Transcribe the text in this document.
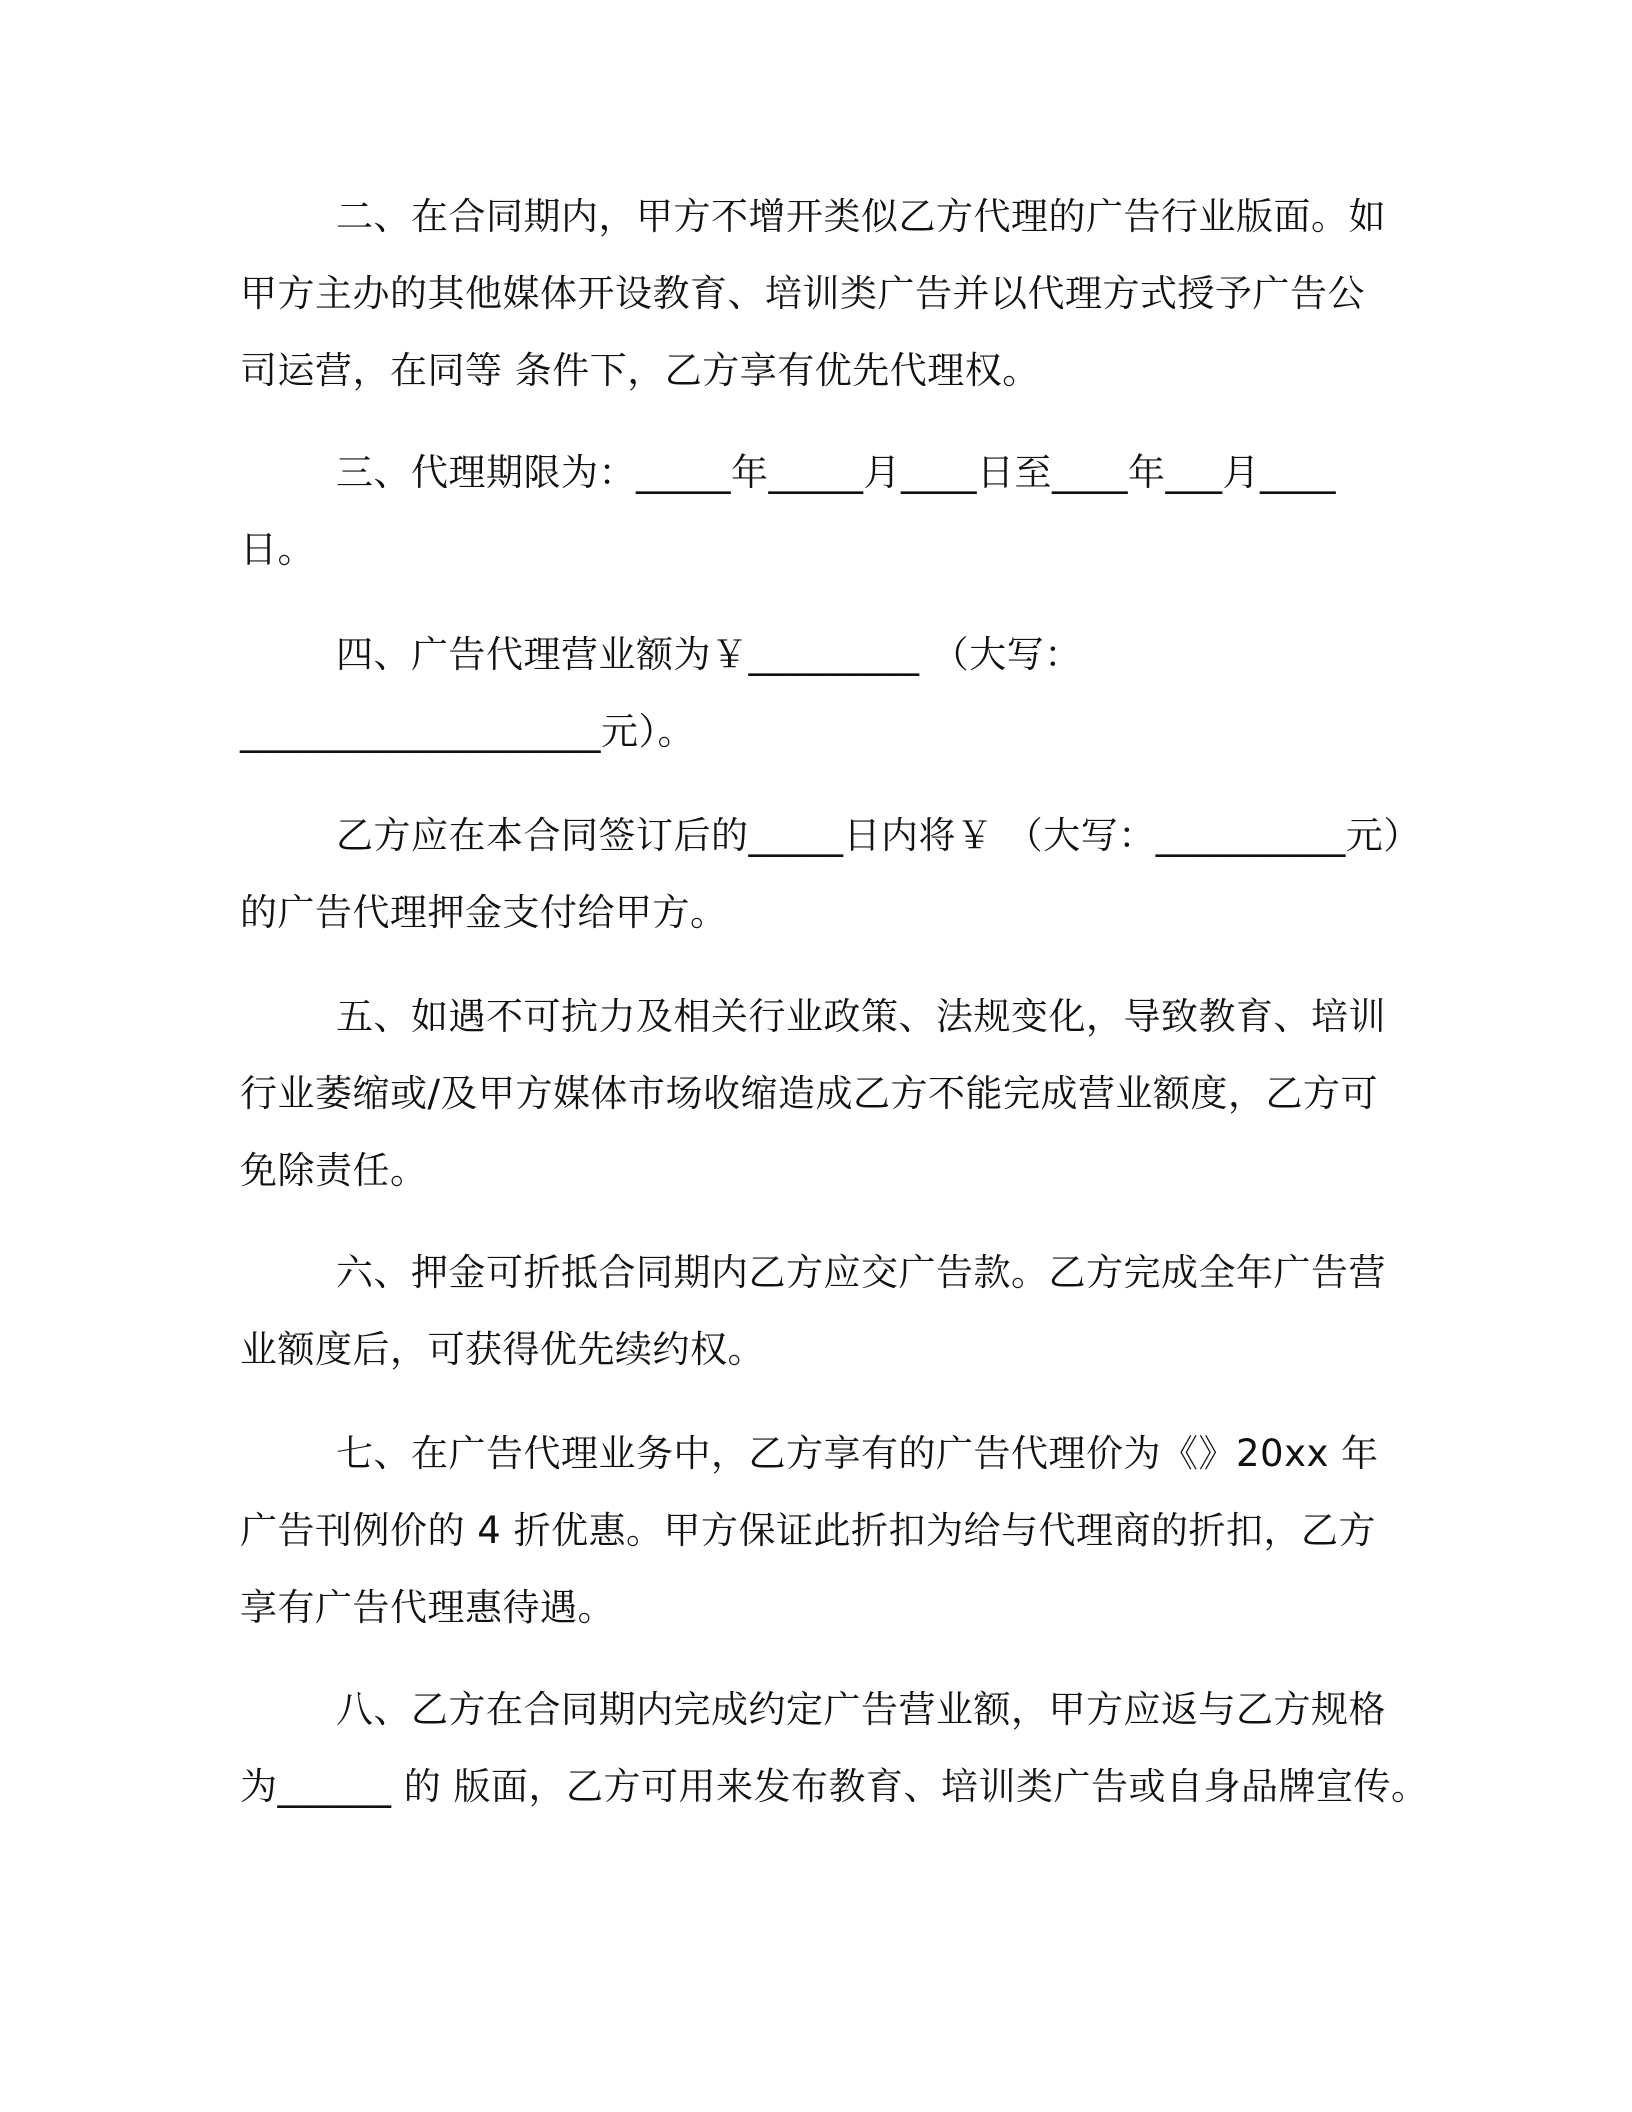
二、在合同期内，甲方不增开类似乙方代理的广告行业版面。如
甲方主办的其他媒体开设教育、培训类广告并以代理方式授予广告公
司运营，在同等 条件下，乙方享有优先代理权。

三、代理期限为：_____年_____月____日至____年___月____
日。

四、广告代理营业额为￥_________ （大写：
___________________元）。

乙方应在本合同签订后的_____日内将￥ （大写：__________元）
的广告代理押金支付给甲方。

五、如遇不可抗力及相关行业政策、法规变化，导致教育、培训
行业萎缩或/及甲方媒体市场收缩造成乙方不能完成营业额度，乙方可
免除责任。

六、押金可折抵合同期内乙方应交广告款。乙方完成全年广告营
业额度后，可获得优先续约权。

七、在广告代理业务中，乙方享有的广告代理价为《》20xx 年
广告刊例价的 4 折优惠。甲方保证此折扣为给与代理商的折扣，乙方
享有广告代理惠待遇。

八、乙方在合同期内完成约定广告营业额，甲方应返与乙方规格
为______ 的 版面，乙方可用来发布教育、培训类广告或自身品牌宣传。
